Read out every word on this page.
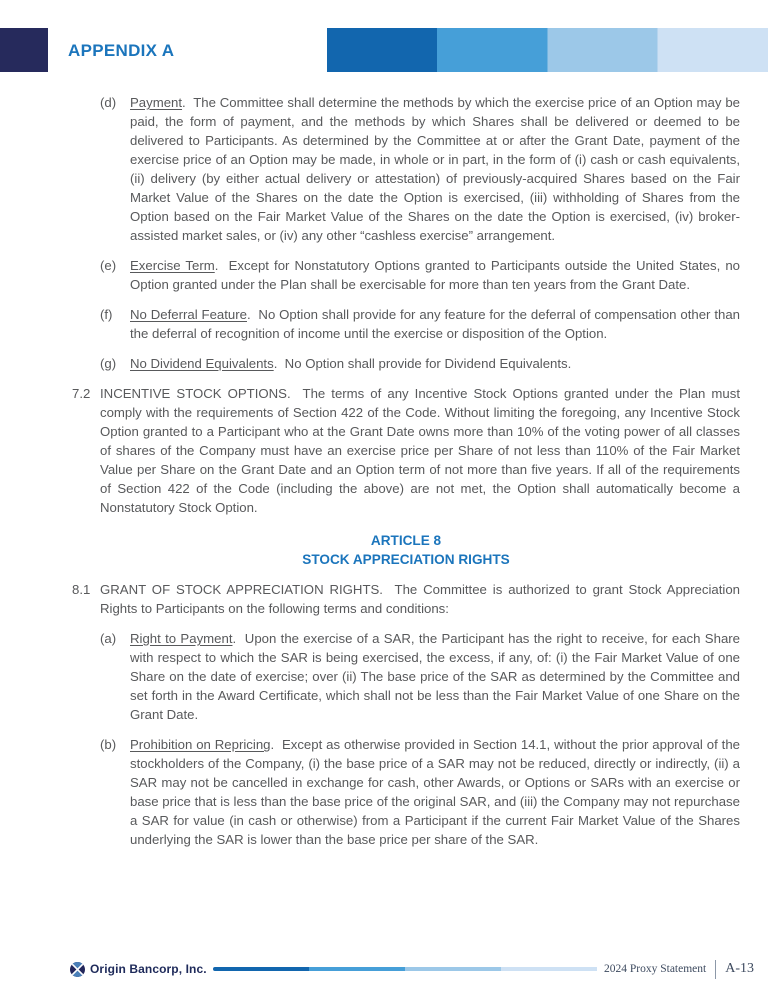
APPENDIX A
(d)	Payment.  The Committee shall determine the methods by which the exercise price of an Option may be paid, the form of payment, and the methods by which Shares shall be delivered or deemed to be delivered to Participants. As determined by the Committee at or after the Grant Date, payment of the exercise price of an Option may be made, in whole or in part, in the form of (i) cash or cash equivalents, (ii) delivery (by either actual delivery or attestation) of previously-acquired Shares based on the Fair Market Value of the Shares on the date the Option is exercised, (iii) withholding of Shares from the Option based on the Fair Market Value of the Shares on the date the Option is exercised, (iv) broker-assisted market sales, or (iv) any other “cashless exercise” arrangement.
(e)	Exercise Term.  Except for Nonstatutory Options granted to Participants outside the United States, no Option granted under the Plan shall be exercisable for more than ten years from the Grant Date.
(f)	No Deferral Feature.  No Option shall provide for any feature for the deferral of compensation other than the deferral of recognition of income until the exercise or disposition of the Option.
(g)	No Dividend Equivalents.  No Option shall provide for Dividend Equivalents.
7.2 INCENTIVE STOCK OPTIONS.  The terms of any Incentive Stock Options granted under the Plan must comply with the requirements of Section 422 of the Code. Without limiting the foregoing, any Incentive Stock Option granted to a Participant who at the Grant Date owns more than 10% of the voting power of all classes of shares of the Company must have an exercise price per Share of not less than 110% of the Fair Market Value per Share on the Grant Date and an Option term of not more than five years. If all of the requirements of Section 422 of the Code (including the above) are not met, the Option shall automatically become a Nonstatutory Stock Option.
ARTICLE 8
STOCK APPRECIATION RIGHTS
8.1 GRANT OF STOCK APPRECIATION RIGHTS.  The Committee is authorized to grant Stock Appreciation Rights to Participants on the following terms and conditions:
(a)	Right to Payment.  Upon the exercise of a SAR, the Participant has the right to receive, for each Share with respect to which the SAR is being exercised, the excess, if any, of: (i) the Fair Market Value of one Share on the date of exercise; over (ii) The base price of the SAR as determined by the Committee and set forth in the Award Certificate, which shall not be less than the Fair Market Value of one Share on the Grant Date.
(b)	Prohibition on Repricing.  Except as otherwise provided in Section 14.1, without the prior approval of the stockholders of the Company, (i) the base price of a SAR may not be reduced, directly or indirectly, (ii) a SAR may not be cancelled in exchange for cash, other Awards, or Options or SARs with an exercise or base price that is less than the base price of the original SAR, and (iii) the Company may not repurchase a SAR for value (in cash or otherwise) from a Participant if the current Fair Market Value of the Shares underlying the SAR is lower than the base price per share of the SAR.
Origin Bancorp, Inc.	2024 Proxy Statement A-13
